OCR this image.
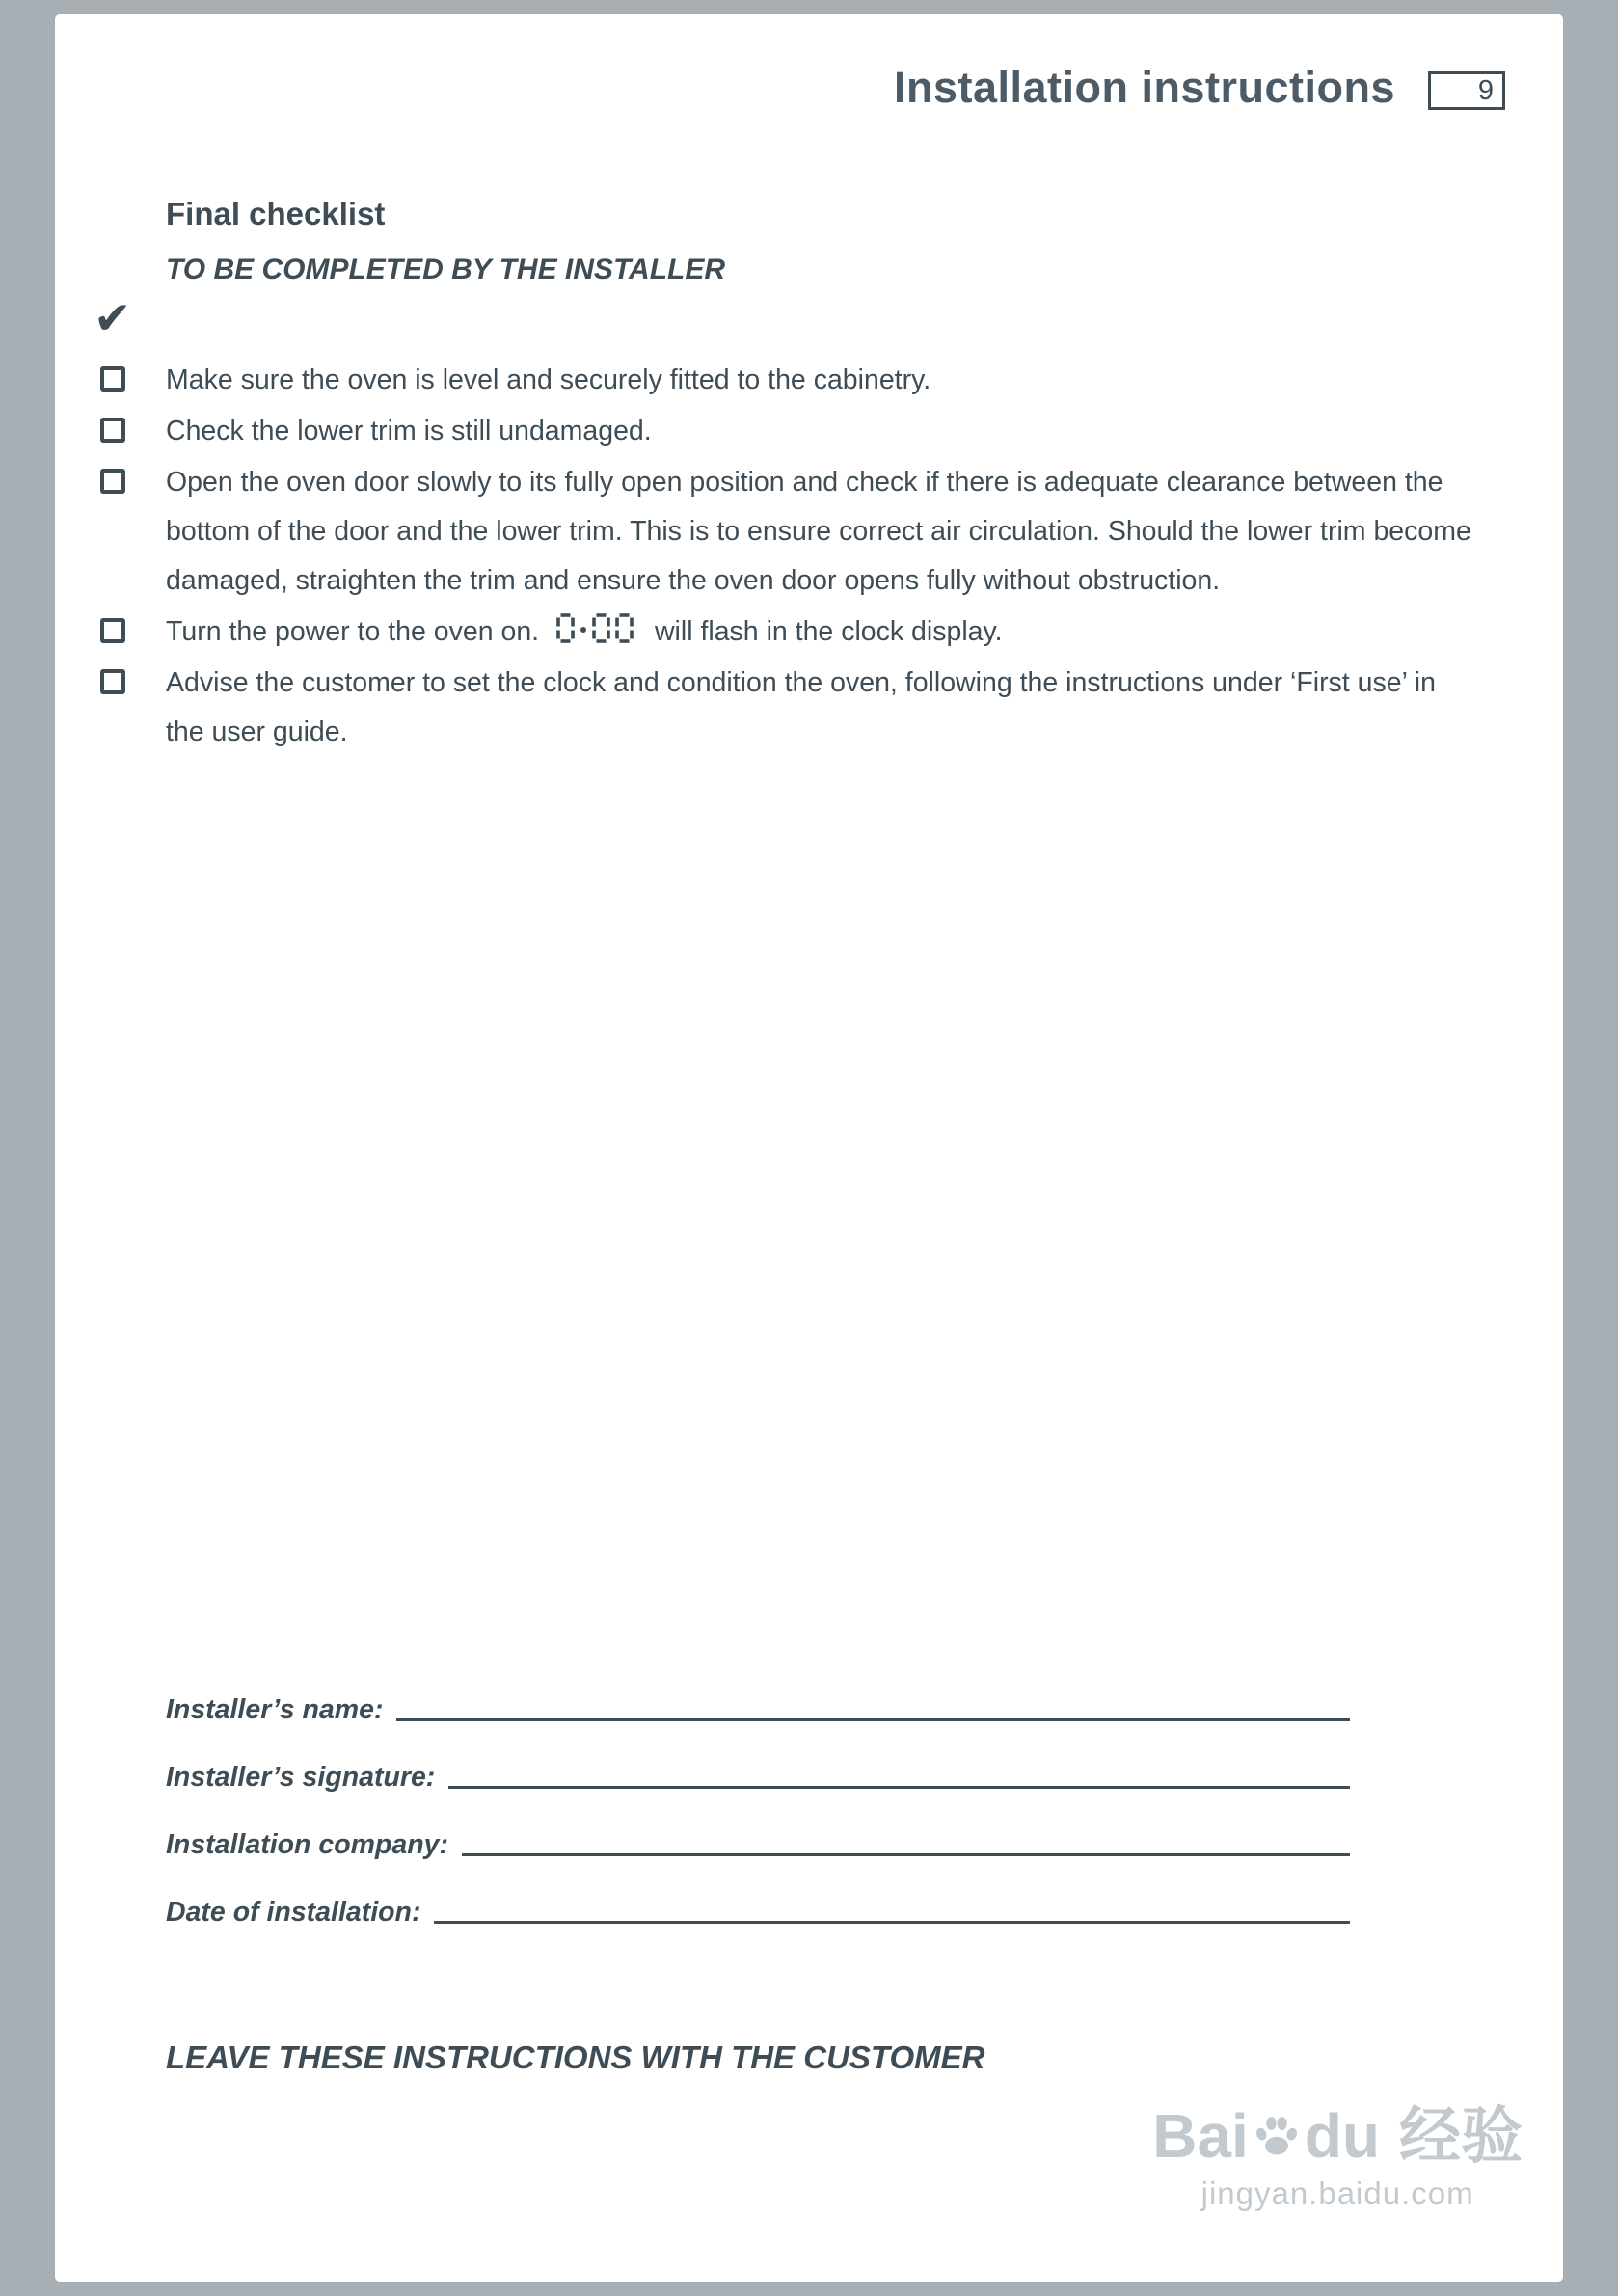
Installation instructions	9
Final checklist
TO BE COMPLETED BY THE INSTALLER
✔

Make sure the oven is level and securely fitted to the cabinetry.

Check the lower trim is still undamaged.

Open the oven door slowly to its fully open position and check if there is adequate clearance between the bottom of the door and the lower trim. This is to ensure correct air circulation. Should the lower trim become damaged, straighten the trim and ensure the oven door opens fully without obstruction.

Turn the power to the oven on.	will flash in the clock display.

Advise the customer to set the clock and condition the oven, following the instructions under ‘First use’ in the user guide.

Installer’s name:
Installer’s signature:
Installation company:
Date of installation:
LEAVE THESE INSTRUCTIONS WITH THE CUSTOMER
Bai du 经验
jingyan.baidu.com
